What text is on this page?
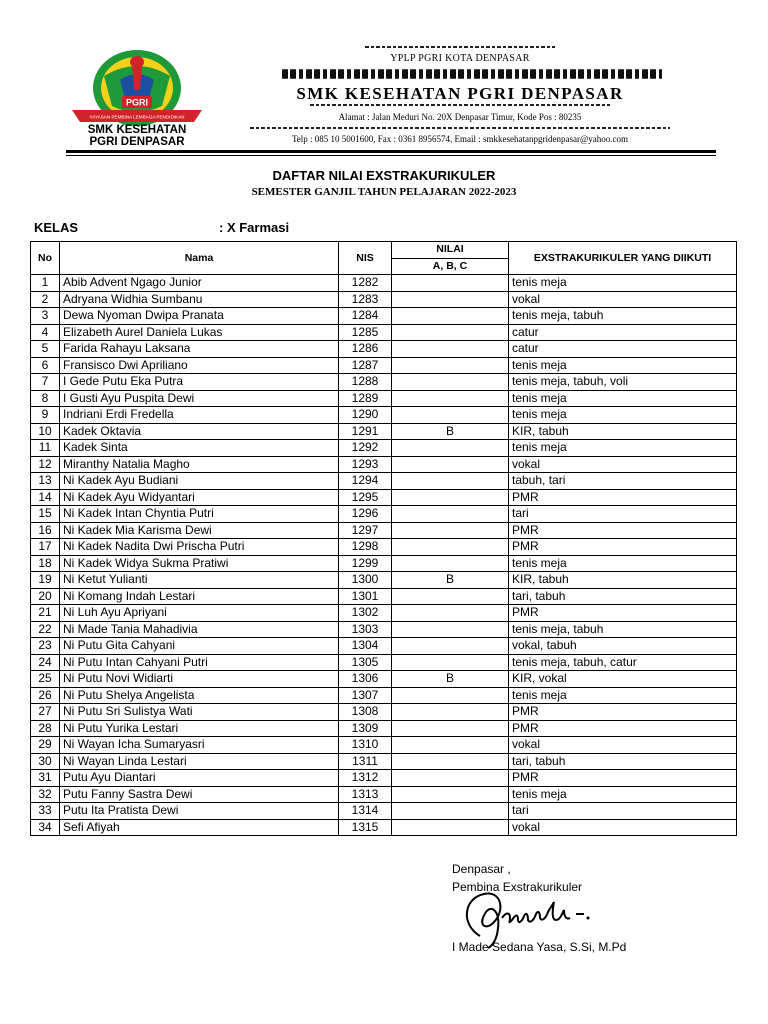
PGRI
YAYASAN PEMBINA LEMBAGA PENDIDIKAN
SMK KESEHATAN
PGRI DENPASAR
YPLP PGRI KOTA DENPASAR
SMK KESEHATAN PGRI DENPASAR
Alamat : Jalan Meduri No. 20X Denpasar Timur, Kode Pos : 80235
Telp : 085 10 5001600, Fax : 0361 8956574, Email : smkkesehatanpgridenpasar@yahoo.com
DAFTAR NILAI EXSTRAKURIKULER
SEMESTER GANJIL TAHUN PELAJARAN 2022-2023
KELAS	: X Farmasi
No	Nama	NIS	NILAI	EXSTRAKURIKULER YANG DIIKUTI
			A, B, C	
1	Abib Advent Ngago Junior	1282		tenis meja
2	Adryana Widhia Sumbanu	1283		vokal
3	Dewa Nyoman Dwipa Pranata	1284		tenis meja, tabuh
4	Elizabeth Aurel Daniela Lukas	1285		catur
5	Farida Rahayu Laksana	1286		catur
6	Fransisco Dwi Apriliano	1287		tenis meja
7	I Gede Putu Eka Putra	1288		tenis meja, tabuh, voli
8	I Gusti Ayu Puspita Dewi	1289		tenis meja
9	Indriani Erdi Fredella	1290		tenis meja
10	Kadek Oktavia	1291	B	KIR, tabuh
11	Kadek Sinta	1292		tenis meja
12	Miranthy Natalia Magho	1293		vokal
13	Ni Kadek Ayu Budiani	1294		tabuh, tari
14	Ni Kadek Ayu Widyantari	1295		PMR
15	Ni Kadek Intan Chyntia Putri	1296		tari
16	Ni Kadek Mia Karisma Dewi	1297		PMR
17	Ni Kadek Nadita Dwi Prischa Putri	1298		PMR
18	Ni Kadek Widya Sukma Pratiwi	1299		tenis meja
19	Ni Ketut Yulianti	1300	B	KIR, tabuh
20	Ni Komang Indah Lestari	1301		tari, tabuh
21	Ni Luh Ayu Apriyani	1302		PMR
22	Ni Made Tania Mahadivia	1303		tenis meja, tabuh
23	Ni Putu Gita Cahyani	1304		vokal, tabuh
24	Ni Putu Intan Cahyani Putri	1305		tenis meja, tabuh, catur
25	Ni Putu Novi Widiarti	1306	B	KIR, vokal
26	Ni Putu Shelya Angelista	1307		tenis meja
27	Ni Putu Sri Sulistya Wati	1308		PMR
28	Ni Putu Yurika Lestari	1309		PMR
29	Ni Wayan Icha Sumaryasri	1310		vokal
30	Ni Wayan Linda Lestari	1311		tari, tabuh
31	Putu Ayu Diantari	1312		PMR
32	Putu Fanny Sastra Dewi	1313		tenis meja
33	Putu Ita Pratista Dewi	1314		tari
34	Sefi Afiyah	1315		vokal
Denpasar ,
Pembina Exstrakurikuler
I Made Sedana Yasa, S.Si, M.Pd
